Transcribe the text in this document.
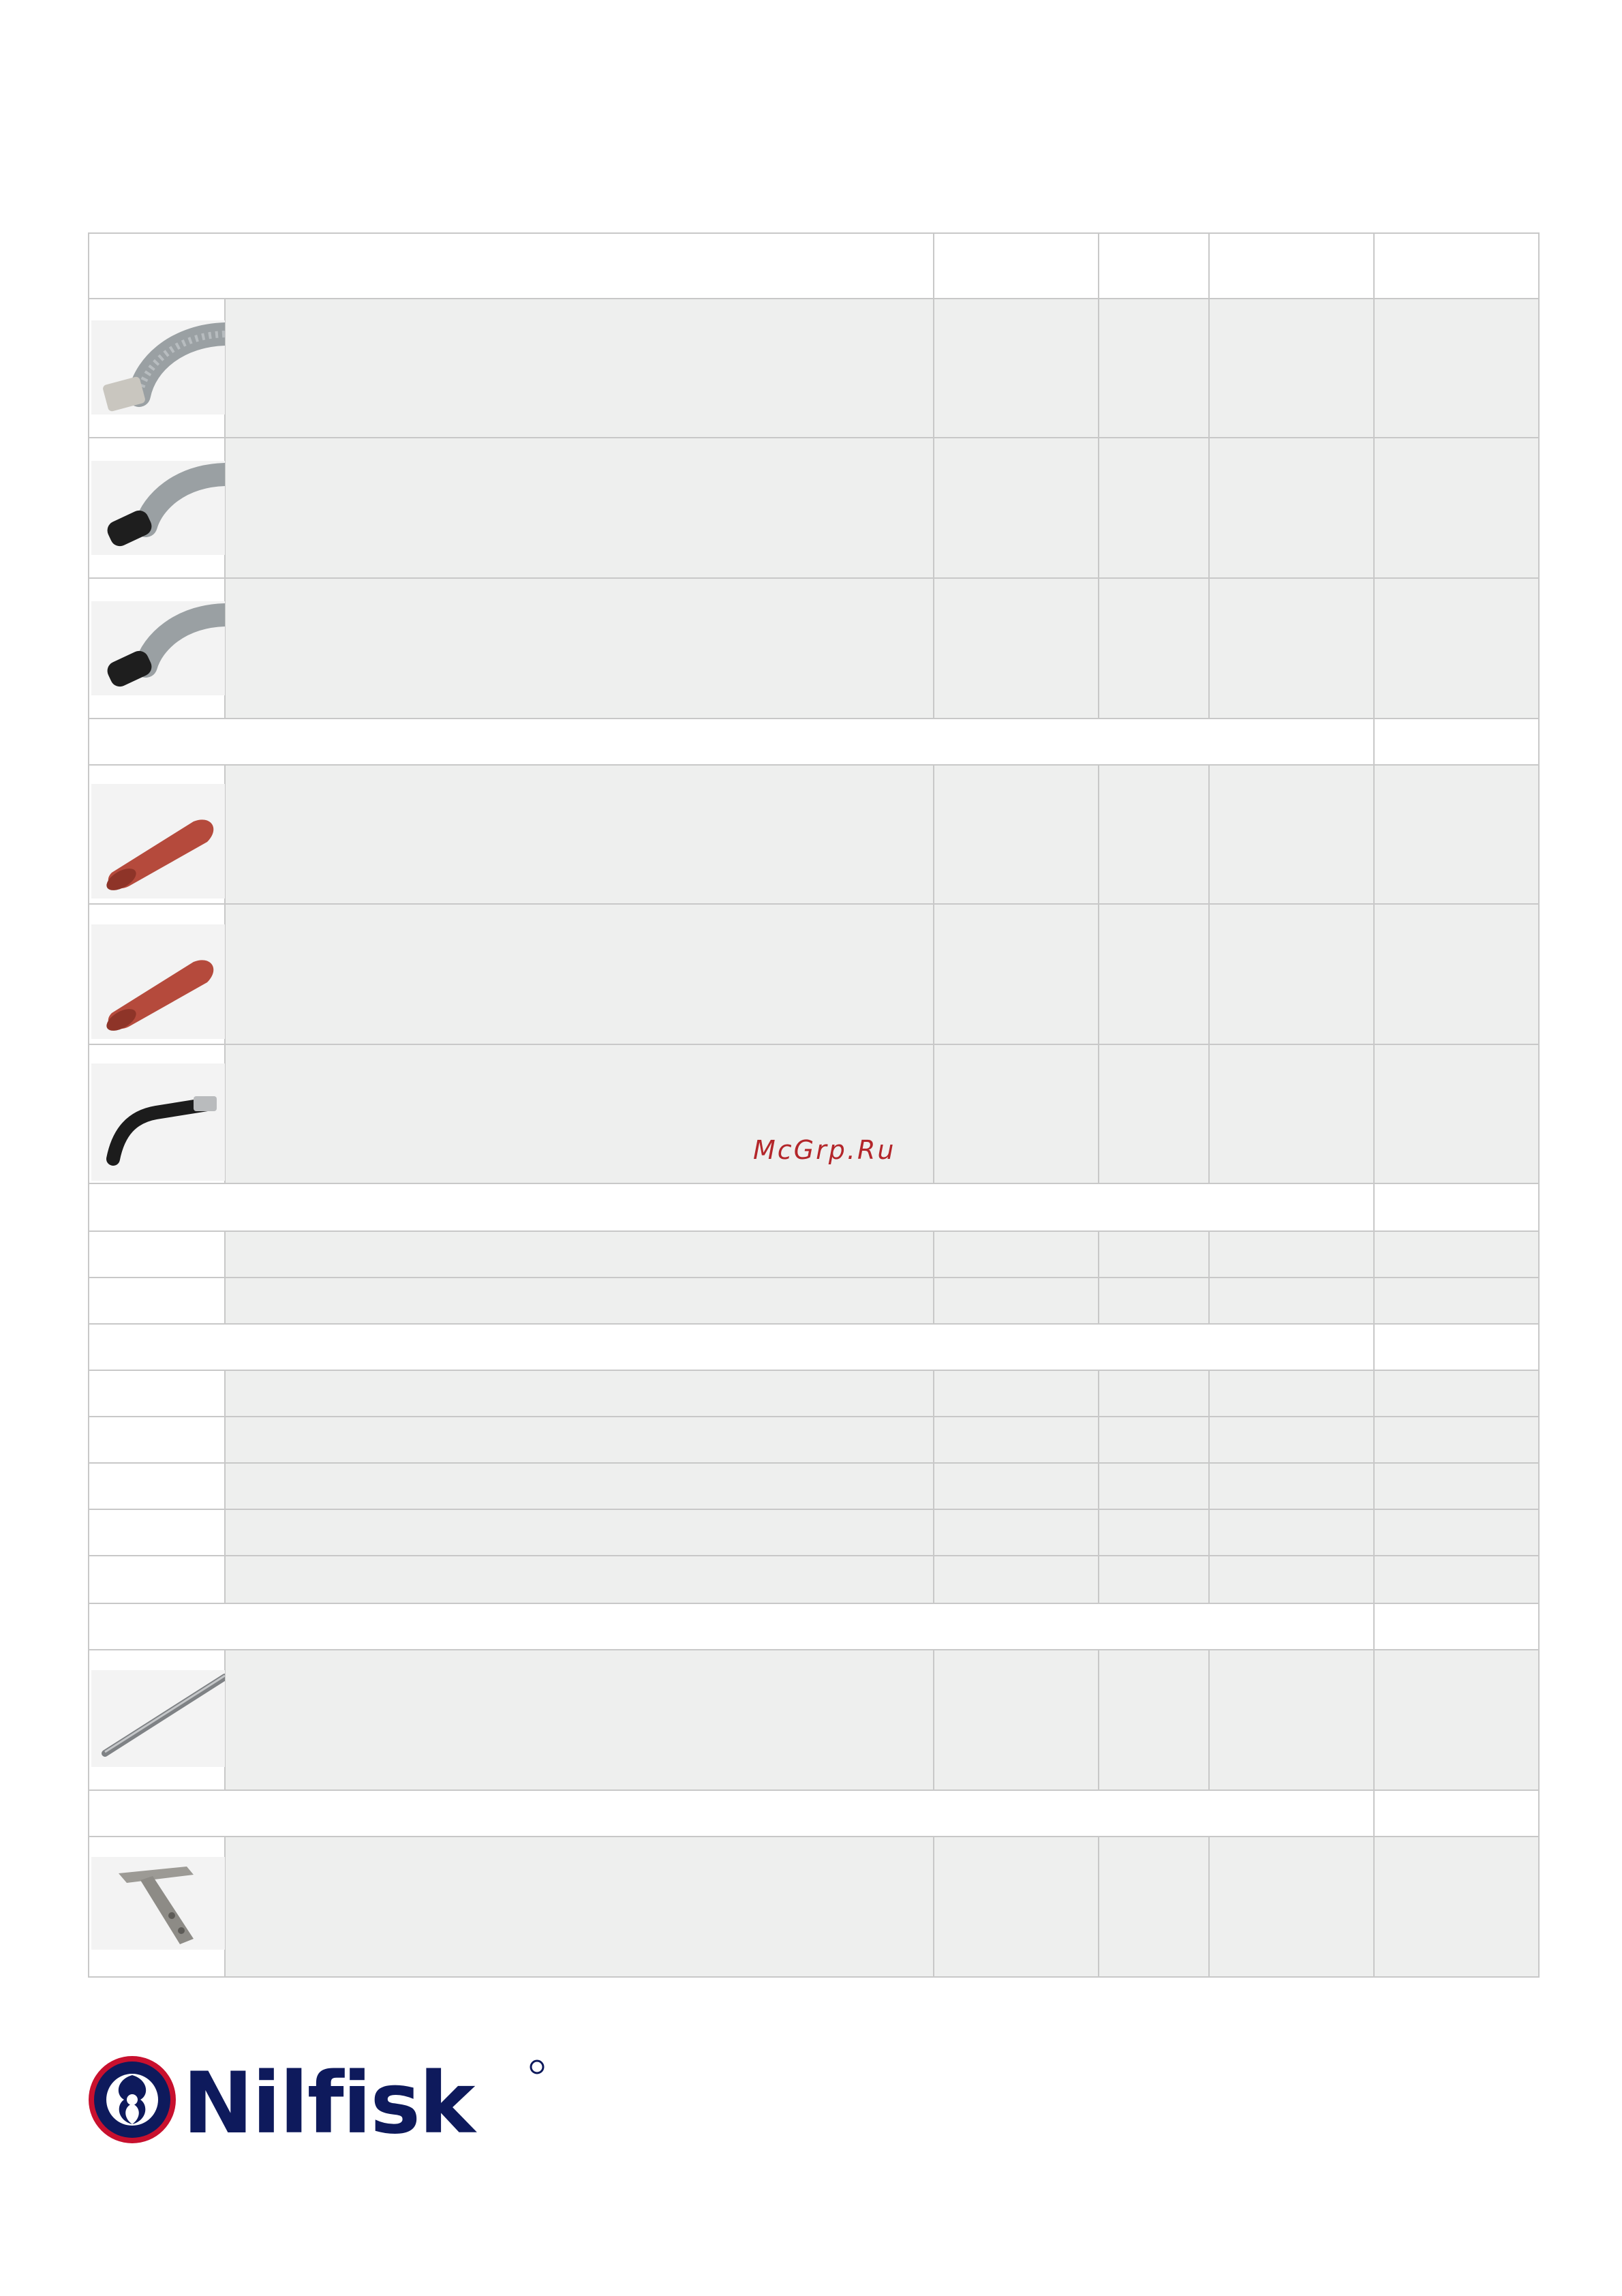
McGrp.Ru
Nilfisk
